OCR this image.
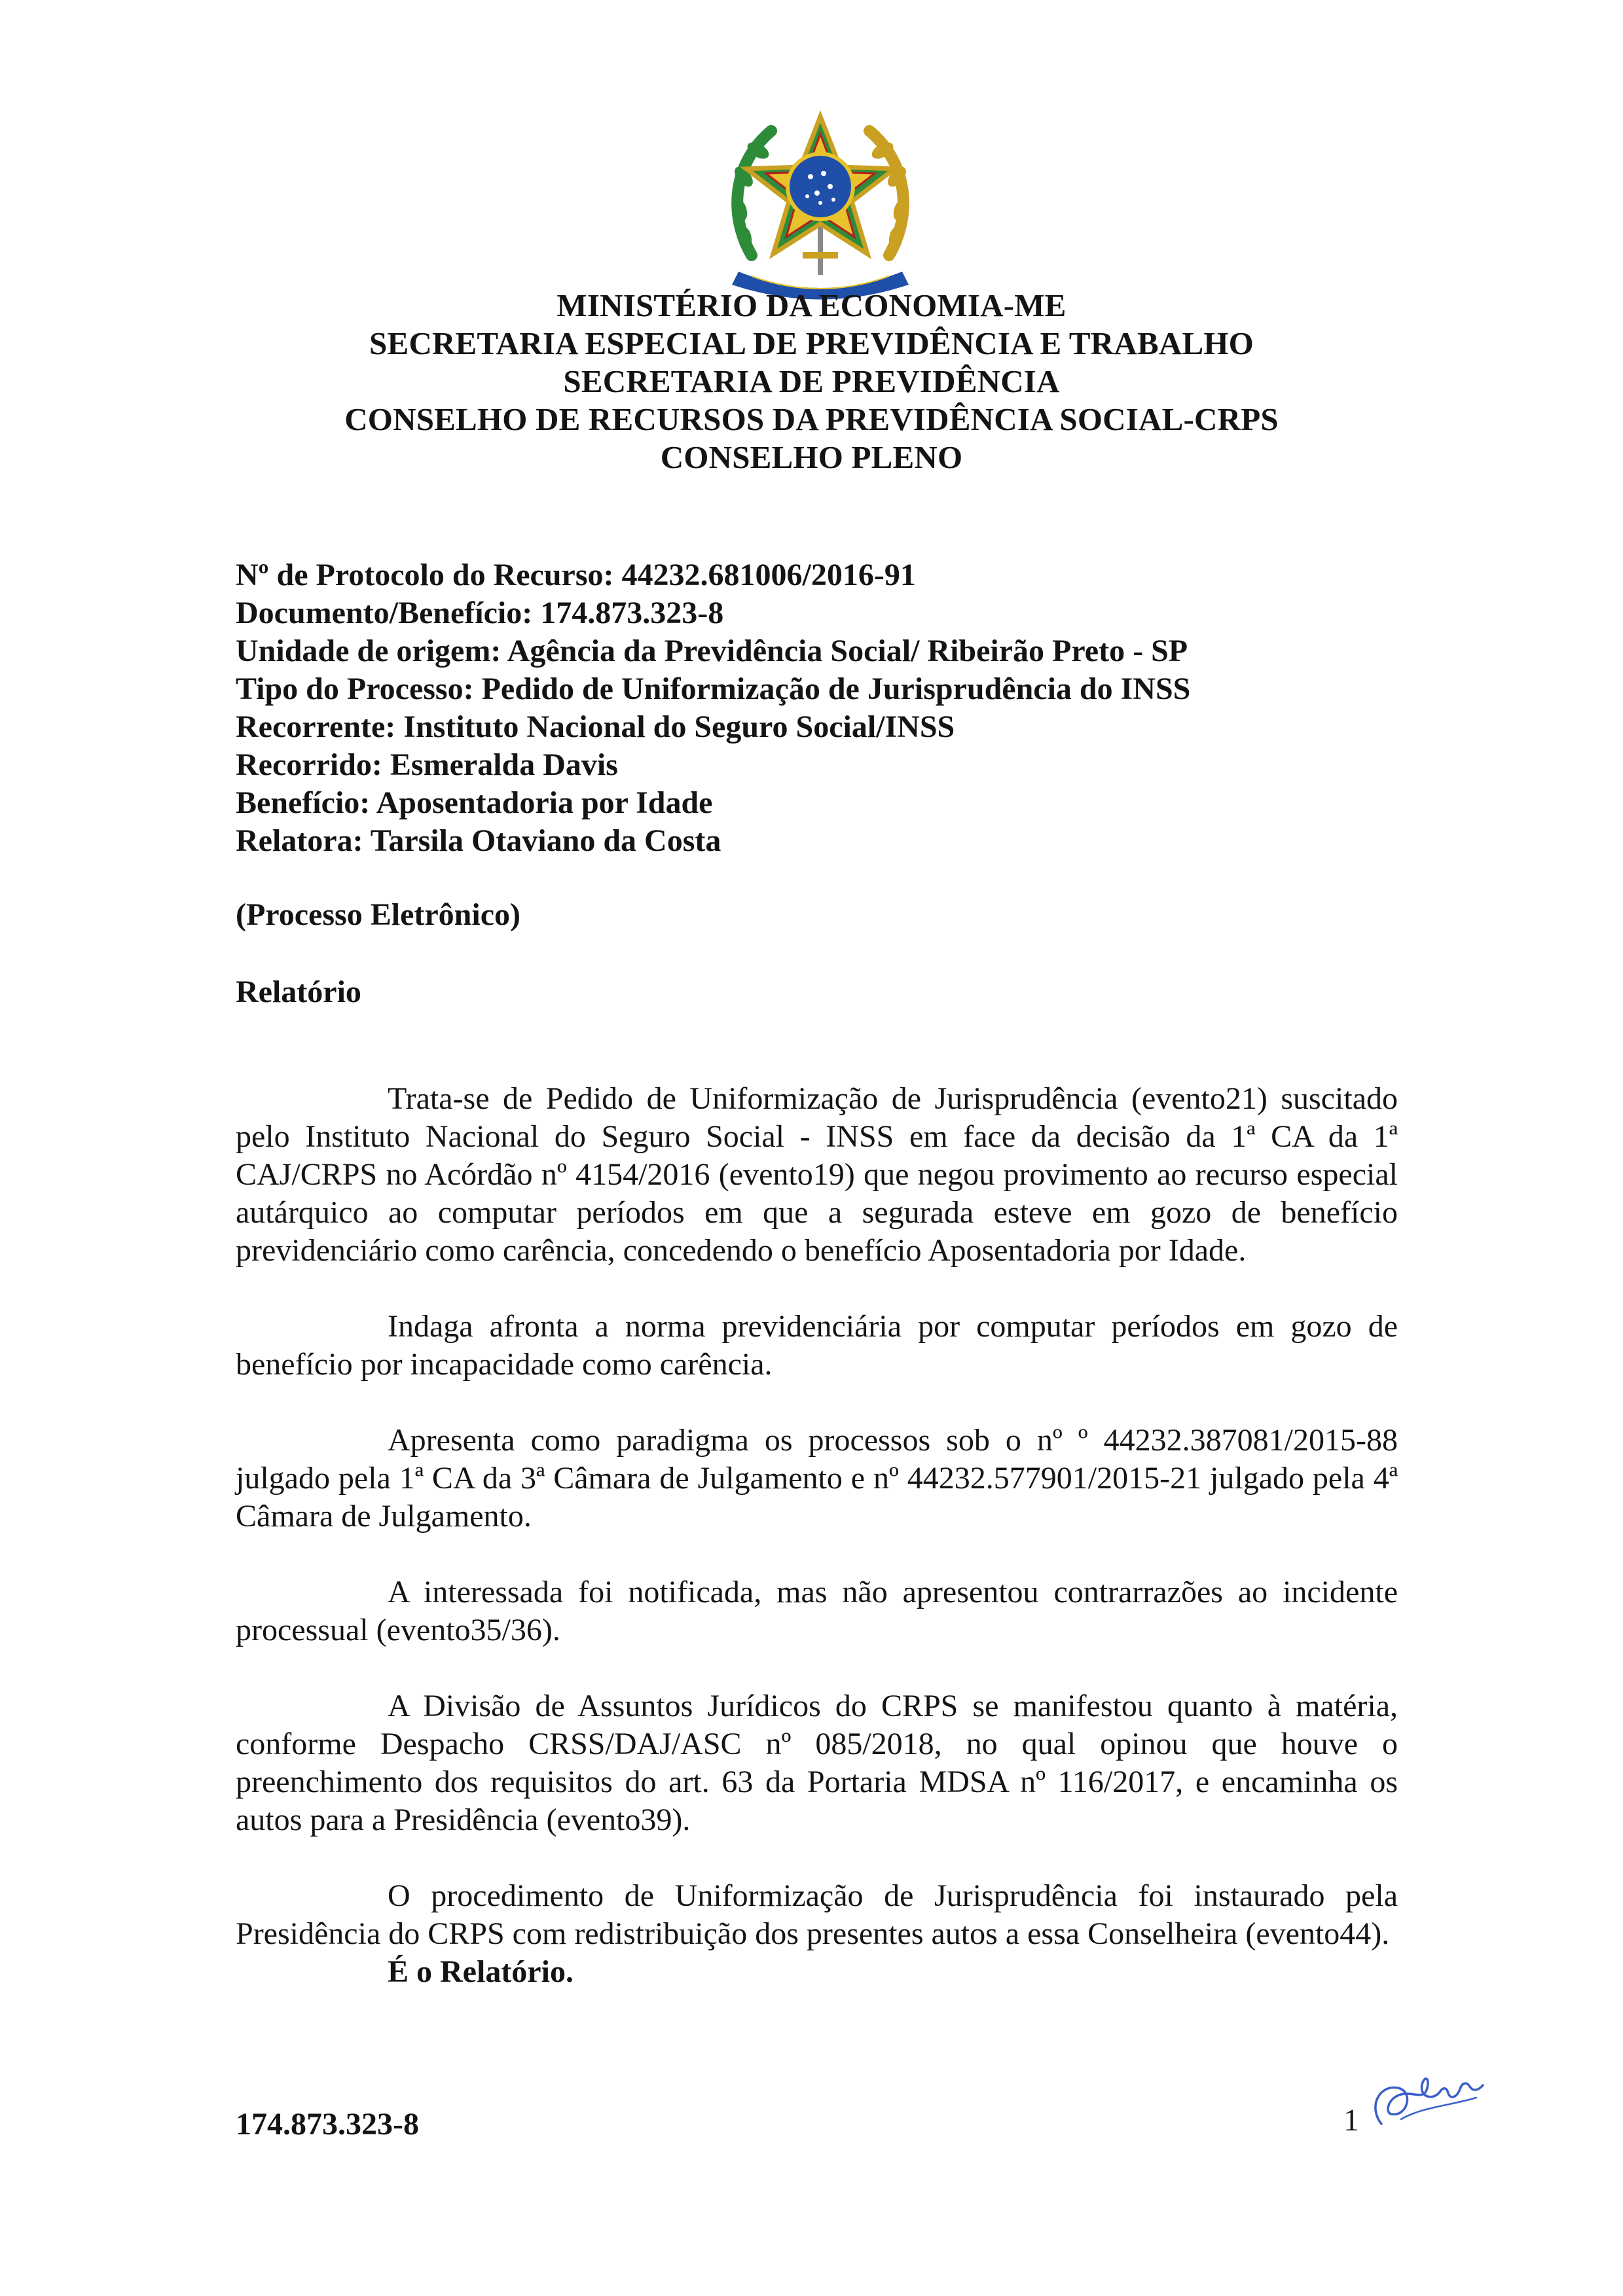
MINISTÉRIO DA ECONOMIA-ME
SECRETARIA ESPECIAL DE PREVIDÊNCIA E TRABALHO
SECRETARIA DE PREVIDÊNCIA
CONSELHO DE RECURSOS DA PREVIDÊNCIA SOCIAL-CRPS
CONSELHO PLENO
Nº de Protocolo do Recurso: 44232.681006/2016-91
Documento/Benefício: 174.873.323-8
Unidade de origem: Agência da Previdência Social/ Ribeirão Preto - SP
Tipo do Processo: Pedido de Uniformização de Jurisprudência do INSS
Recorrente: Instituto Nacional do Seguro Social/INSS
Recorrido: Esmeralda Davis
Benefício: Aposentadoria por Idade
Relatora: Tarsila Otaviano da Costa
(Processo Eletrônico)
Relatório

Trata-se de Pedido de Uniformização de Jurisprudência (evento21) suscitado pelo Instituto Nacional do Seguro Social - INSS em face da decisão da 1ª CA da 1ª CAJ/CRPS no Acórdão nº 4154/2016 (evento19) que negou provimento ao recurso especial autárquico ao computar períodos em que a segurada esteve em gozo de benefício previdenciário como carência, concedendo o benefício Aposentadoria por Idade.

Indaga afronta a norma previdenciária por computar períodos em gozo de benefício por incapacidade como carência.

Apresenta como paradigma os processos sob o nº º 44232.387081/2015-88 julgado pela 1ª CA da 3ª Câmara de Julgamento e nº 44232.577901/2015-21 julgado pela 4ª Câmara de Julgamento.

A interessada foi notificada, mas não apresentou contrarrazões ao incidente processual (evento35/36).

A Divisão de Assuntos Jurídicos do CRPS se manifestou quanto à matéria, conforme Despacho CRSS/DAJ/ASC nº 085/2018, no qual opinou que houve o preenchimento dos requisitos do art. 63 da Portaria MDSA nº 116/2017, e encaminha os autos para a Presidência (evento39).

O procedimento de Uniformização de Jurisprudência foi instaurado pela Presidência do CRPS com redistribuição dos presentes autos a essa Conselheira (evento44).

É o Relatório.
174.873.323-8	1
